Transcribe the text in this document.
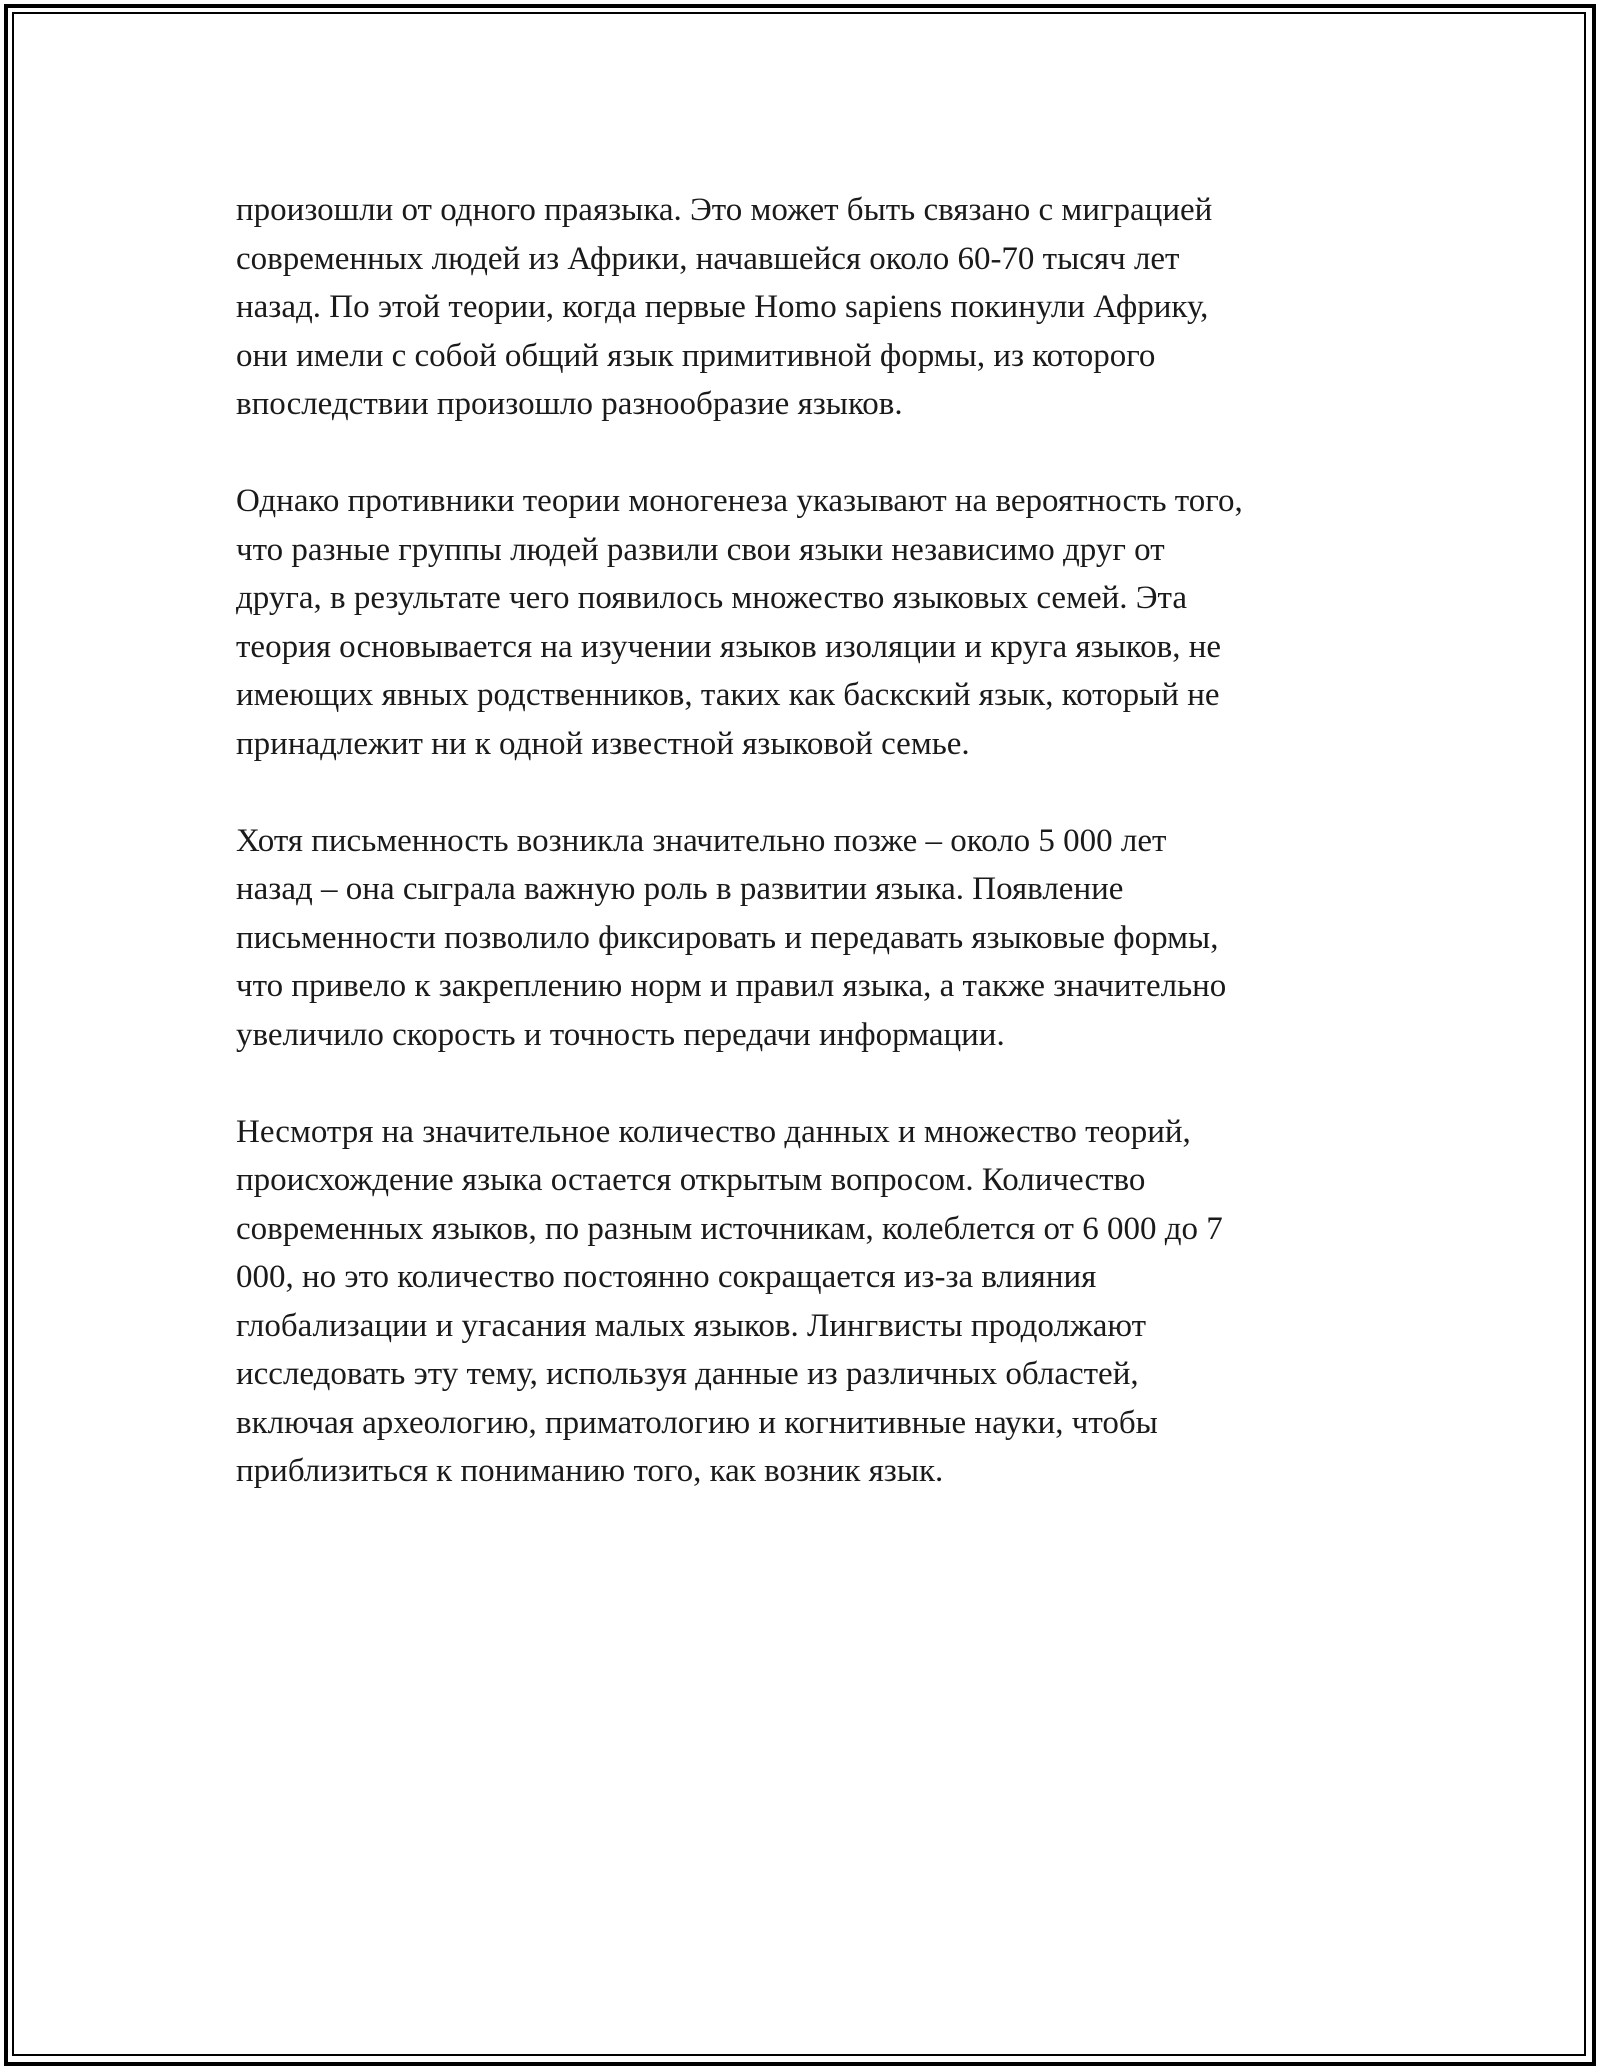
произошли от одного праязыка. Это может быть связано с миграцией
современных людей из Африки, начавшейся около 60-70 тысяч лет
назад. По этой теории, когда первые Homo sapiens покинули Африку,
они имели с собой общий язык примитивной формы, из которого
впоследствии произошло разнообразие языков.

Однако противники теории моногенеза указывают на вероятность того,
что разные группы людей развили свои языки независимо друг от
друга, в результате чего появилось множество языковых семей. Эта
теория основывается на изучении языков изоляции и круга языков, не
имеющих явных родственников, таких как баскский язык, который не
принадлежит ни к одной известной языковой семье.

Хотя письменность возникла значительно позже – около 5 000 лет
назад – она сыграла важную роль в развитии языка. Появление
письменности позволило фиксировать и передавать языковые формы,
что привело к закреплению норм и правил языка, а также значительно
увеличило скорость и точность передачи информации.

Несмотря на значительное количество данных и множество теорий,
происхождение языка остается открытым вопросом. Количество
современных языков, по разным источникам, колеблется от 6 000 до 7
000, но это количество постоянно сокращается из-за влияния
глобализации и угасания малых языков. Лингвисты продолжают
исследовать эту тему, используя данные из различных областей,
включая археологию, приматологию и когнитивные науки, чтобы
приблизиться к пониманию того, как возник язык.
